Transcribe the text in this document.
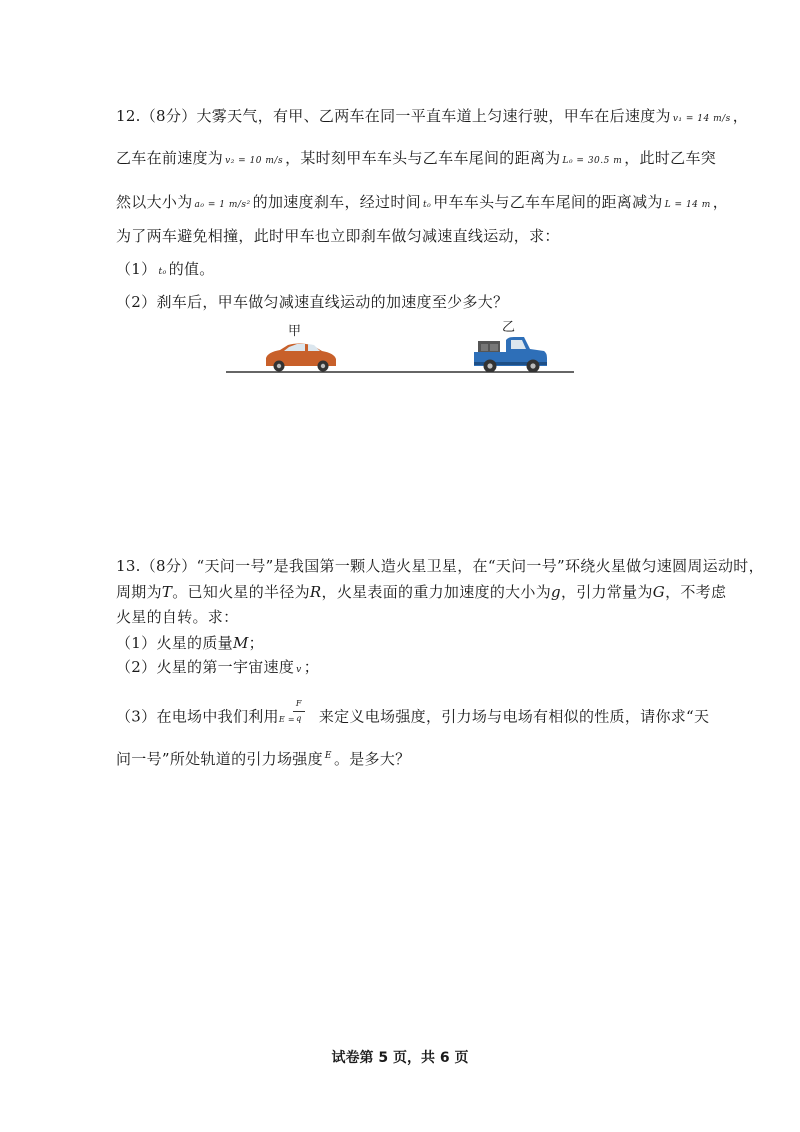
12.（8分）大雾天气，有甲、乙两车在同一平直车道上匀速行驶，甲车在后速度为 v₁ = 14 m/s ，
乙车在前速度为 v₂ = 10 m/s ，某时刻甲车车头与乙车车尾间的距离为 L₀ = 30.5 m ，此时乙车突
然以大小为 a₀ = 1 m/s² 的加速度刹车，经过时间 t₀ 甲车车头与乙车车尾间的距离减为 L = 14 m ，
为了两车避免相撞，此时甲车也立即刹车做匀减速直线运动，求：
（1） t₀ 的值。
（2）刹车后，甲车做匀减速直线运动的加速度至少多大？
甲	乙
13.（8分）“天问一号”是我国第一颗人造火星卫星，在“天问一号”环绕火星做匀速圆周运动时，
周期为T。已知火星的半径为R，火星表面的重力加速度的大小为g，引力常量为G，不考虑
火星的自转。求：
（1）火星的质量M；
（2）火星的第一宇宙速度 v ；
（3）在电场中我们利用 E =
F
q 来定义电场强度，引力场与电场有相似的性质，请你求“天
问一号”所处轨道的引力场强度 $^E$ 。是多大？
试卷第 5 页，共 6 页
